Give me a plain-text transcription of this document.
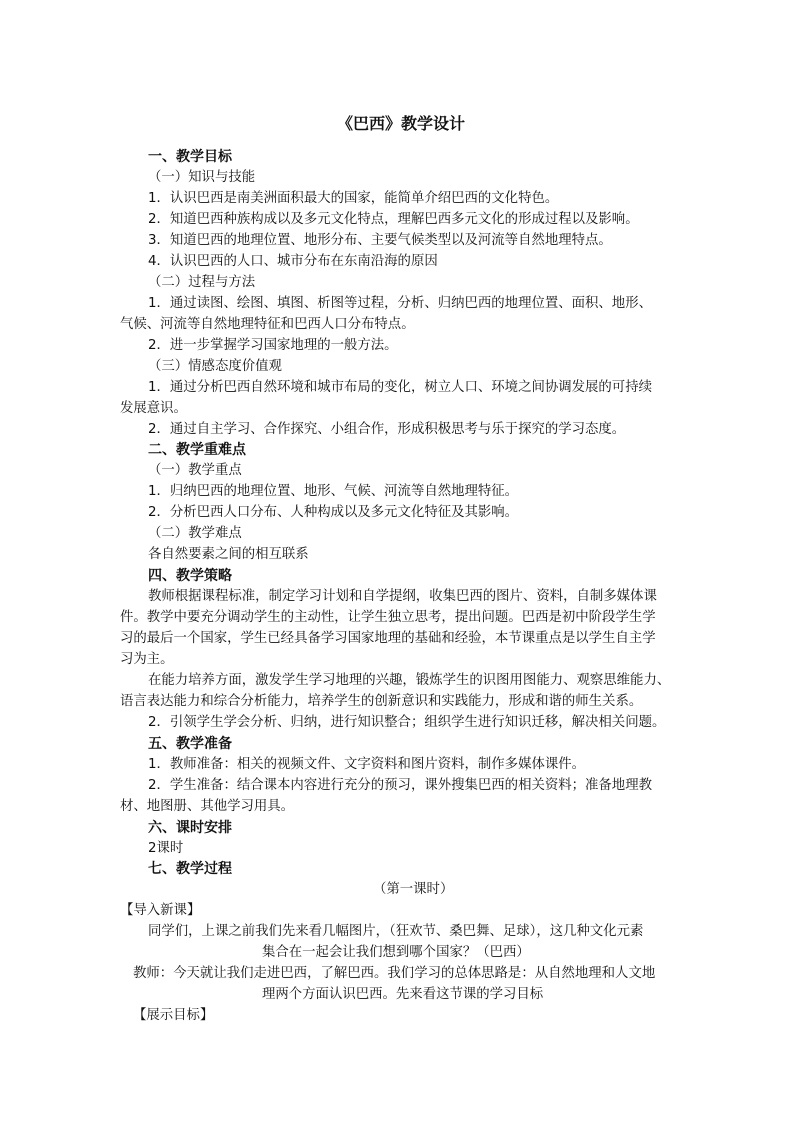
《巴西》教学设计
一、教学目标
（一）知识与技能
1．认识巴西是南美洲面积最大的国家，能简单介绍巴西的文化特色。
2．知道巴西种族构成以及多元文化特点，理解巴西多元文化的形成过程以及影响。
3．知道巴西的地理位置、地形分布、主要气候类型以及河流等自然地理特点。
4．认识巴西的人口、城市分布在东南沿海的原因
（二）过程与方法
1．通过读图、绘图、填图、析图等过程，分析、归纳巴西的地理位置、面积、地形、
气候、河流等自然地理特征和巴西人口分布特点。
2．进一步掌握学习国家地理的一般方法。
（三）情感态度价值观
1．通过分析巴西自然环境和城市布局的变化，树立人口、环境之间协调发展的可持续
发展意识。
2．通过自主学习、合作探究、小组合作，形成积极思考与乐于探究的学习态度。
二、教学重难点
（一）教学重点
1．归纳巴西的地理位置、地形、气候、河流等自然地理特征。
2．分析巴西人口分布、人种构成以及多元文化特征及其影响。
（二）教学难点
各自然要素之间的相互联系
四、教学策略
教师根据课程标准，制定学习计划和自学提纲，收集巴西的图片、资料，自制多媒体课
件。教学中要充分调动学生的主动性，让学生独立思考，提出问题。巴西是初中阶段学生学
习的最后一个国家，学生已经具备学习国家地理的基础和经验，本节课重点是以学生自主学
习为主。
在能力培养方面，激发学生学习地理的兴趣，锻炼学生的识图用图能力、观察思维能力、
语言表达能力和综合分析能力，培养学生的创新意识和实践能力，形成和谐的师生关系。
2．引领学生学会分析、归纳，进行知识整合；组织学生进行知识迁移，解决相关问题。
五、教学准备
1．教师准备：相关的视频文件、文字资料和图片资料，制作多媒体课件。
2．学生准备：结合课本内容进行充分的预习，课外搜集巴西的相关资料；准备地理教
材、地图册、其他学习用具。
六、课时安排
2课时
七、教学过程
（第一课时）
【导入新课】
同学们，上课之前我们先来看几幅图片，（狂欢节、桑巴舞、足球），这几种文化元素
集合在一起会让我们想到哪个国家？（巴西）
教师：今天就让我们走进巴西，了解巴西。我们学习的总体思路是：从自然地理和人文地
理两个方面认识巴西。先来看这节课的学习目标
【展示目标】
